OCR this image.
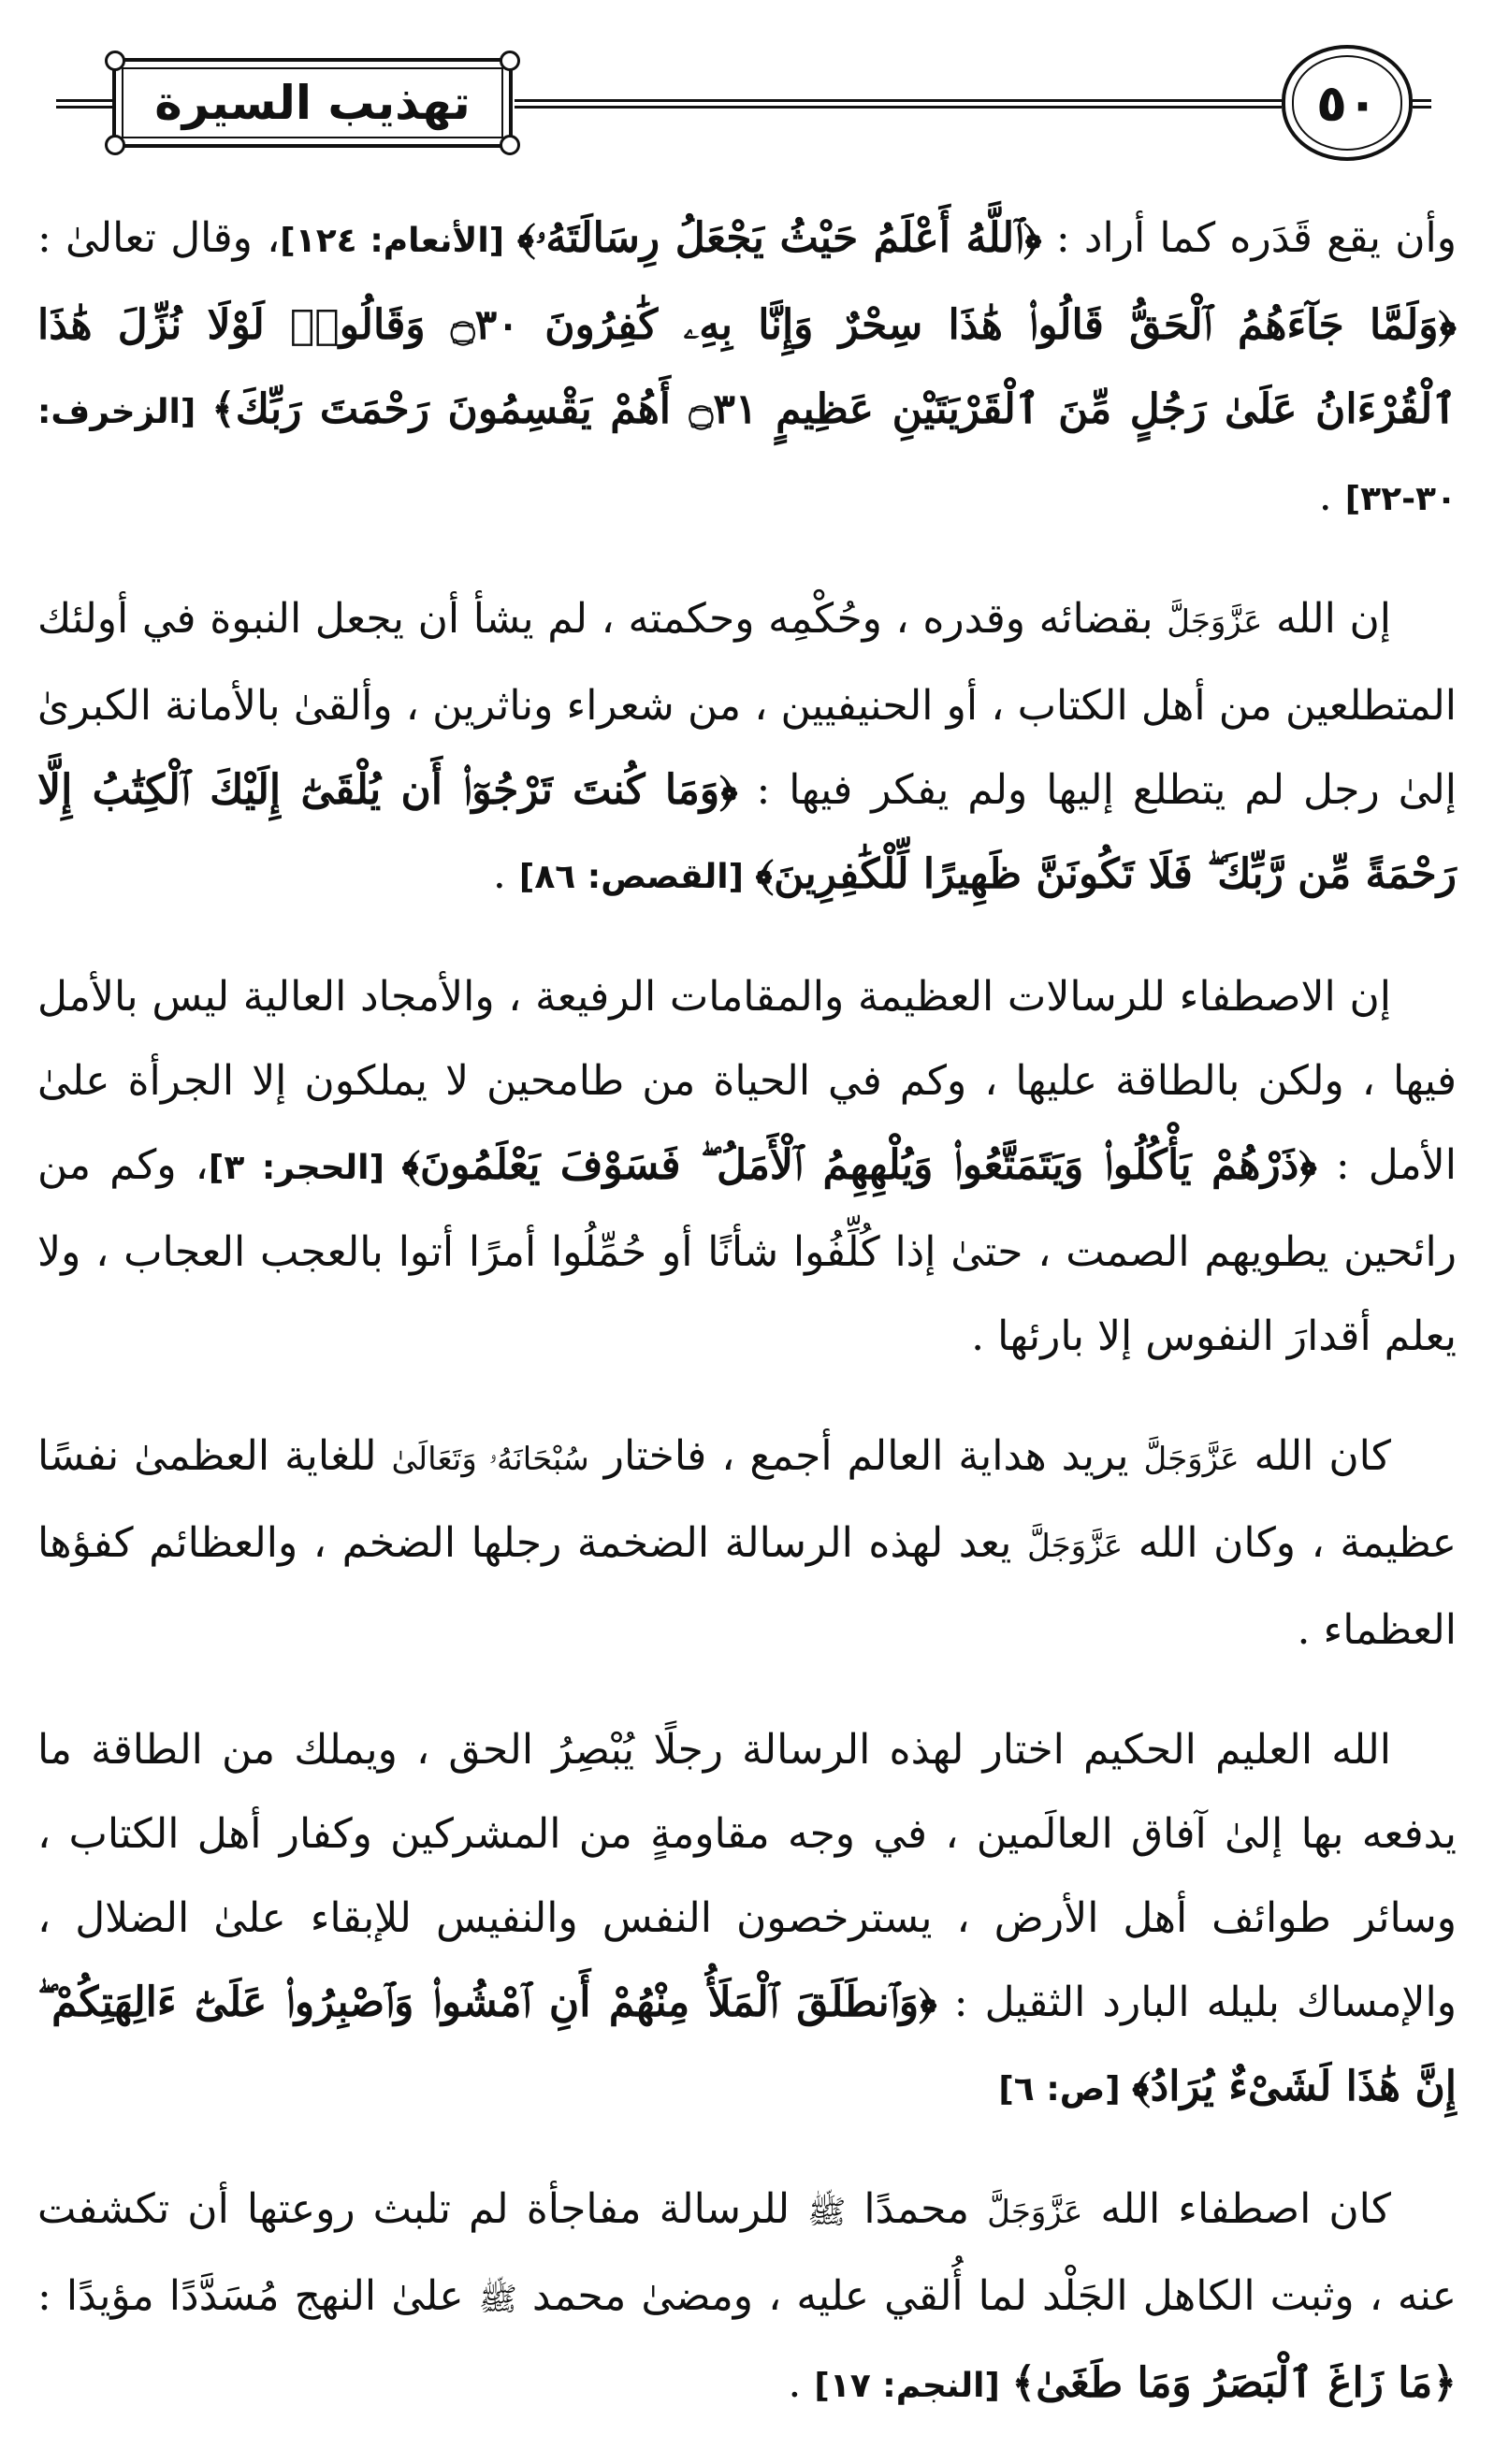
تهذيب السيرة	٥٠

وأن يقع قَدَره كما أراد : ﴿ٱللَّهُ أَعْلَمُ حَيْثُ يَجْعَلُ رِسَالَتَهُۥ﴾ [الأنعام: ١٢٤]، وقال تعالىٰ : ﴿وَلَمَّا جَآءَهُمُ ٱلْحَقُّ قَالُوا۟ هَٰذَا سِحْرٌ وَإِنَّا بِهِۦ كَٰفِرُونَ ۝٣٠ وَقَالُوا۟ لَوْلَا نُزِّلَ هَٰذَا ٱلْقُرْءَانُ عَلَىٰ رَجُلٍ مِّنَ ٱلْقَرْيَتَيْنِ عَظِيمٍ ۝٣١ أَهُمْ يَقْسِمُونَ رَحْمَتَ رَبِّكَ﴾ [الزخرف: ٣٠-٣٢] .

إن الله عَزَّوَجَلَّ بقضائه وقدره ، وحُكْمِه وحكمته ، لم يشأ أن يجعل النبوة في أولئك المتطلعين من أهل الكتاب ، أو الحنيفيين ، من شعراء وناثرين ، وألقىٰ بالأمانة الكبرىٰ إلىٰ رجل لم يتطلع إليها ولم يفكر فيها : ﴿وَمَا كُنتَ تَرْجُوٓا۟ أَن يُلْقَىٰٓ إِلَيْكَ ٱلْكِتَٰبُ إِلَّا رَحْمَةً مِّن رَّبِّكَ ۖ فَلَا تَكُونَنَّ ظَهِيرًا لِّلْكَٰفِرِينَ﴾ [القصص: ٨٦] .

إن الاصطفاء للرسالات العظيمة والمقامات الرفيعة ، والأمجاد العالية ليس بالأمل فيها ، ولكن بالطاقة عليها ، وكم في الحياة من طامحين لا يملكون إلا الجرأة علىٰ الأمل : ﴿ذَرْهُمْ يَأْكُلُوا۟ وَيَتَمَتَّعُوا۟ وَيُلْهِهِمُ ٱلْأَمَلُ ۖ فَسَوْفَ يَعْلَمُونَ﴾ [الحجر: ٣]، وكم من رائحين يطويهم الصمت ، حتىٰ إذا كُلِّفُوا شأنًا أو حُمِّلُوا أمرًا أتوا بالعجب العجاب ، ولا يعلم أقدارَ النفوس إلا بارئها .

كان الله عَزَّوَجَلَّ يريد هداية العالم أجمع ، فاختار سُبْحَانَهُۥ وَتَعَالَىٰ للغاية العظمىٰ نفسًا عظيمة ، وكان الله عَزَّوَجَلَّ يعد لهذه الرسالة الضخمة رجلها الضخم ، والعظائم كفؤها العظماء .

الله العليم الحكيم اختار لهذه الرسالة رجلًا يُبْصِرُ الحق ، ويملك من الطاقة ما يدفعه بها إلىٰ آفاق العالَمين ، في وجه مقاومةٍ من المشركين وكفار أهل الكتاب ، وسائر طوائف أهل الأرض ، يسترخصون النفس والنفيس للإبقاء علىٰ الضلال ، والإمساك بليله البارد الثقيل : ﴿وَٱنطَلَقَ ٱلْمَلَأُ مِنْهُمْ أَنِ ٱمْشُوا۟ وَٱصْبِرُوا۟ عَلَىٰٓ ءَالِهَتِكُمْ ۖ إِنَّ هَٰذَا لَشَىْءٌ يُرَادُ﴾ [ص: ٦]

كان اصطفاء الله عَزَّوَجَلَّ محمدًا ﷺ للرسالة مفاجأة لم تلبث روعتها أن تكشفت عنه ، وثبت الكاهل الجَلْد لما أُلقي عليه ، ومضىٰ محمد ﷺ علىٰ النهج مُسَدَّدًا مؤيدًا : ﴿مَا زَاغَ ٱلْبَصَرُ وَمَا طَغَىٰ﴾ [النجم: ١٧] .
